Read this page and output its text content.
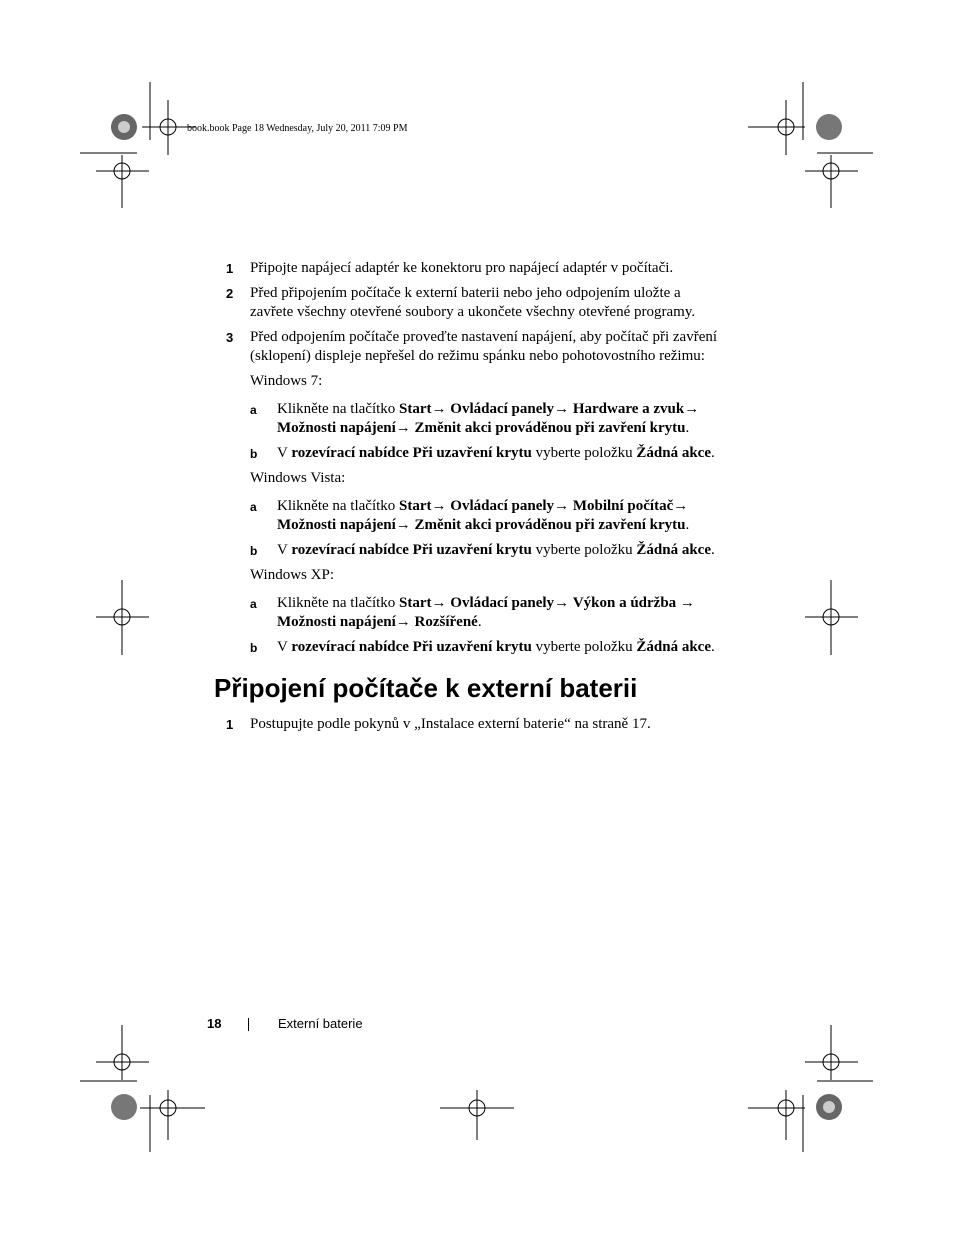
book.book Page 18 Wednesday, July 20, 2011 7:09 PM
1 Připojte napájecí adaptér ke konektoru pro napájecí adaptér v počítači.
2 Před připojením počítače k externí baterii nebo jeho odpojením uložte a zavřete všechny otevřené soubory a ukončete všechny otevřené programy.
3 Před odpojením počítače proveďte nastavení napájení, aby počítač při zavření (sklopení) displeje nepřešel do režimu spánku nebo pohotovostního režimu:
Windows 7:
a Klikněte na tlačítko Start→ Ovládací panely→ Hardware a zvuk→ Možnosti napájení→ Změnit akci prováděnou při zavření krytu.
b V rozevírací nabídce Při uzavření krytu vyberte položku Žádná akce.
Windows Vista:
a Klikněte na tlačítko Start→ Ovládací panely→ Mobilní počítač→ Možnosti napájení→ Změnit akci prováděnou při zavření krytu.
b V rozevírací nabídce Při uzavření krytu vyberte položku Žádná akce.
Windows XP:
a Klikněte na tlačítko Start→ Ovládací panely→ Výkon a údržba → Možnosti napájení→ Rozšířené.
b V rozevírací nabídce Při uzavření krytu vyberte položku Žádná akce.
Připojení počítače k externí baterii
1 Postupujte podle pokynů v „Instalace externí baterie“ na straně 17.
18	Externí baterie
